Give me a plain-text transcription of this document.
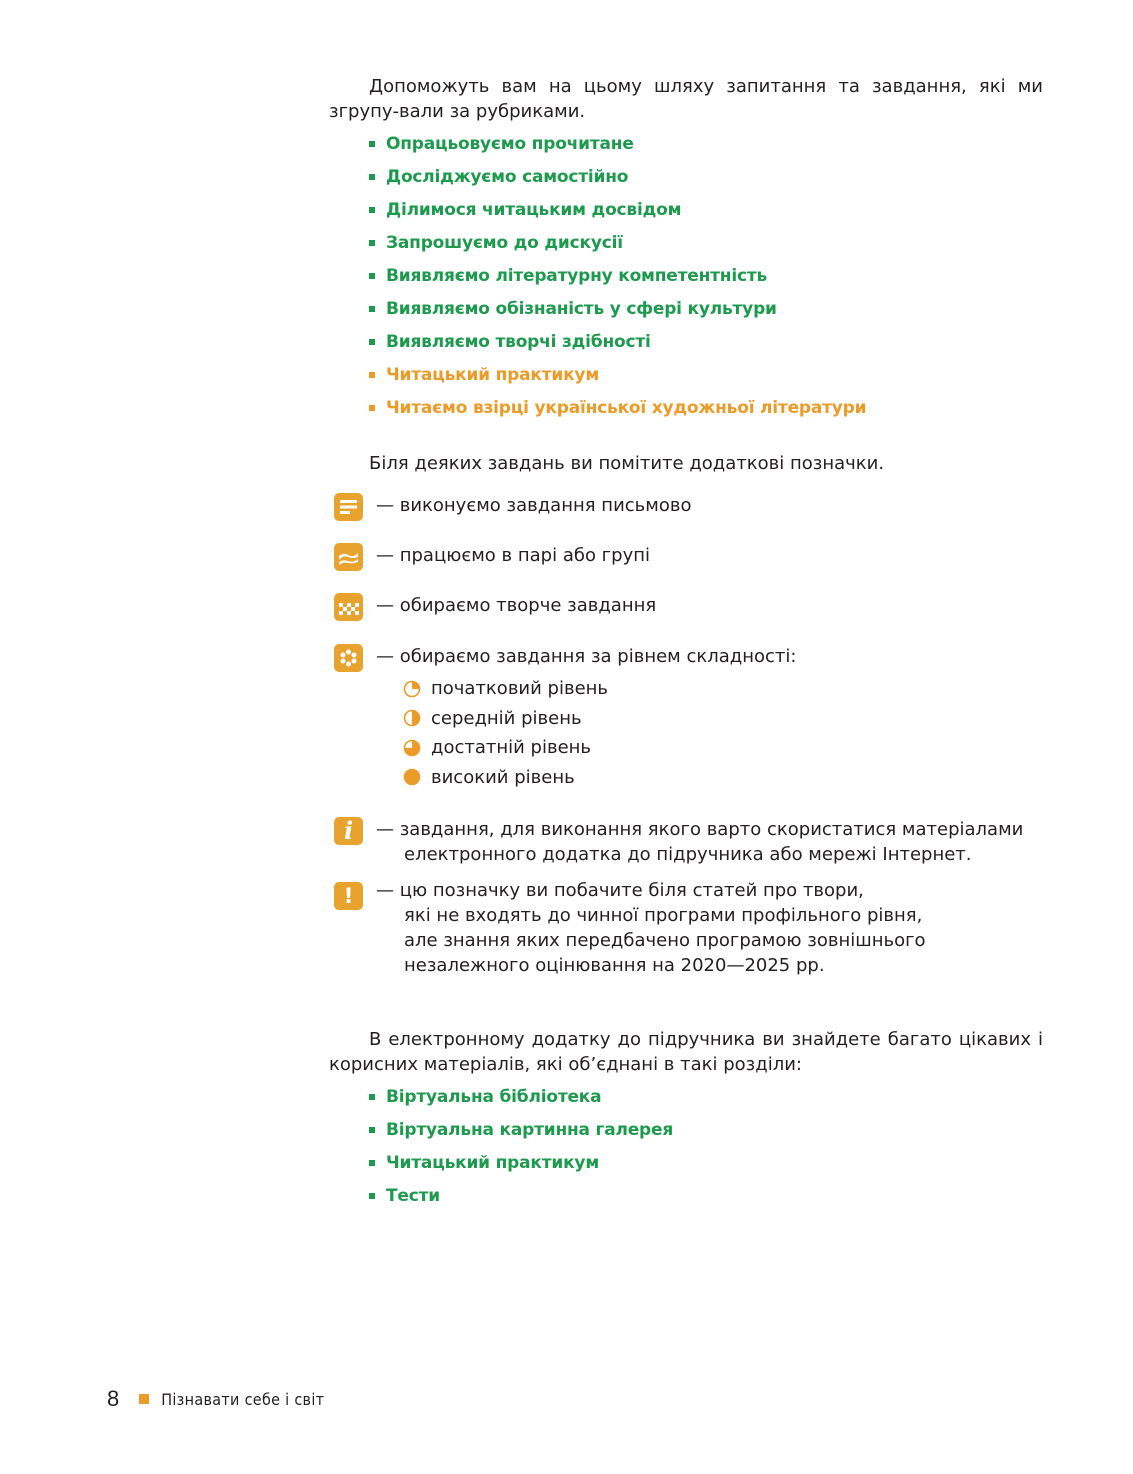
Допоможуть вам на цьому шляху запитання та завдання, які ми згрупу-вали за рубриками.

Опрацьовуємо прочитане
Досліджуємо самостійно
Ділимося читацьким досвідом
Запрошуємо до дискусії
Виявляємо літературну компетентність
Виявляємо обізнаність у сфері культури
Виявляємо творчі здібності
Читацький практикум
Читаємо взірці української художньої літератури

Біля деяких завдань ви помітите додаткові позначки.

— виконуємо завдання письмово
— працюємо в парі або групі
— обираємо творче завдання
— обираємо завдання за рівнем складності:
початковий рівень
середній рівень
достатній рівень
високий рівень
i — завдання, для виконання якого варто скористатися матеріалами
електронного додатка до підручника або мережі Інтернет.
! — цю позначку ви побачите біля статей про твори,
які не входять до чинної програми профільного рівня,
але знання яких передбачено програмою зовнішнього
незалежного оцінювання на 2020—2025 рр.

В електронному додатку до підручника ви знайдете багато цікавих і корисних матеріалів, які об’єднані в такі розділи:

Віртуальна бібліотека
Віртуальна картинна галерея
Читацький практикум
Тести
8	Пізнавати себе і світ
